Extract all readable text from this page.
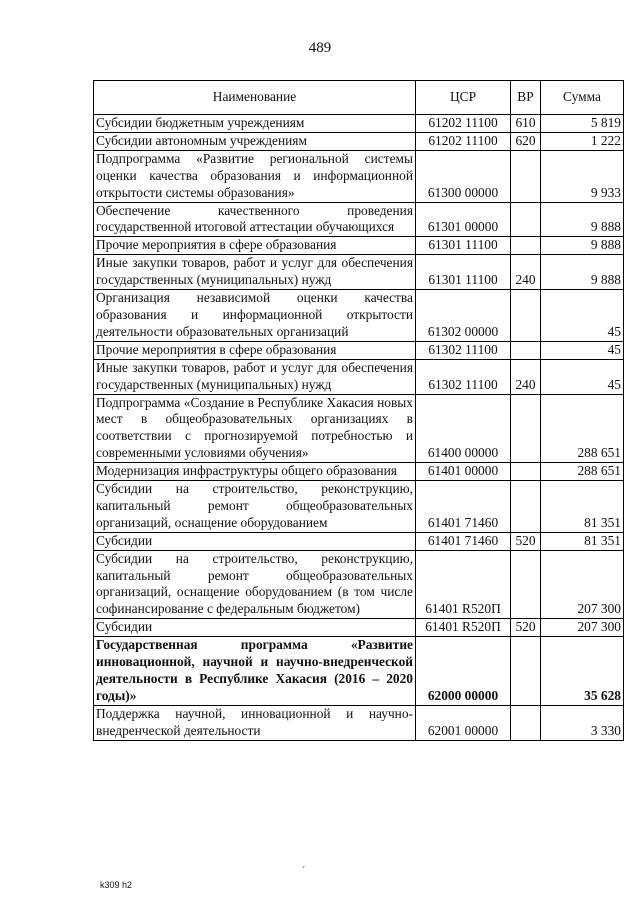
489
Наименование	ЦСР	ВР	Сумма
Субсидии бюджетным учреждениям	61202 11100	610	5 819
Субсидии автономным учреждениям	61202 11100	620	1 222
Подпрограмма «Развитие региональной системы оценки качества образования и информационной открытости системы образования»	61300 00000		9 933
Обеспечение качественного проведения государственной итоговой аттестации обучающихся	61301 00000		9 888
Прочие мероприятия в сфере образования	61301 11100		9 888
Иные закупки товаров, работ и услуг для обеспечения государственных (муниципальных) нужд	61301 11100	240	9 888
Организация независимой оценки качества образования и информационной открытости деятельности образовательных организаций	61302 00000		45
Прочие мероприятия в сфере образования	61302 11100		45
Иные закупки товаров, работ и услуг для обеспечения государственных (муниципальных) нужд	61302 11100	240	45
Подпрограмма «Создание в Республике Хакасия новых мест в общеобразовательных организациях в соответствии с прогнозируемой потребностью и современными условиями обучения»	61400 00000		288 651
Модернизация инфраструктуры общего образования	61401 00000		288 651
Субсидии на строительство, реконструкцию, капитальный ремонт общеобразовательных организаций, оснащение оборудованием	61401 71460		81 351
Субсидии	61401 71460	520	81 351
Субсидии на строительство, реконструкцию, капитальный ремонт общеобразовательных организаций, оснащение оборудованием (в том числе софинансирование с федеральным бюджетом)	61401 R520П		207 300
Субсидии	61401 R520П	520	207 300
Государственная программа «Развитие инновационной, научной и научно-внедренческой деятельности в Республике Хакасия (2016 – 2020 годы)»	62000 00000		35 628
Поддержка научной, инновационной и научно-внедренческой деятельности	62001 00000		3 330
´
k309 h2
